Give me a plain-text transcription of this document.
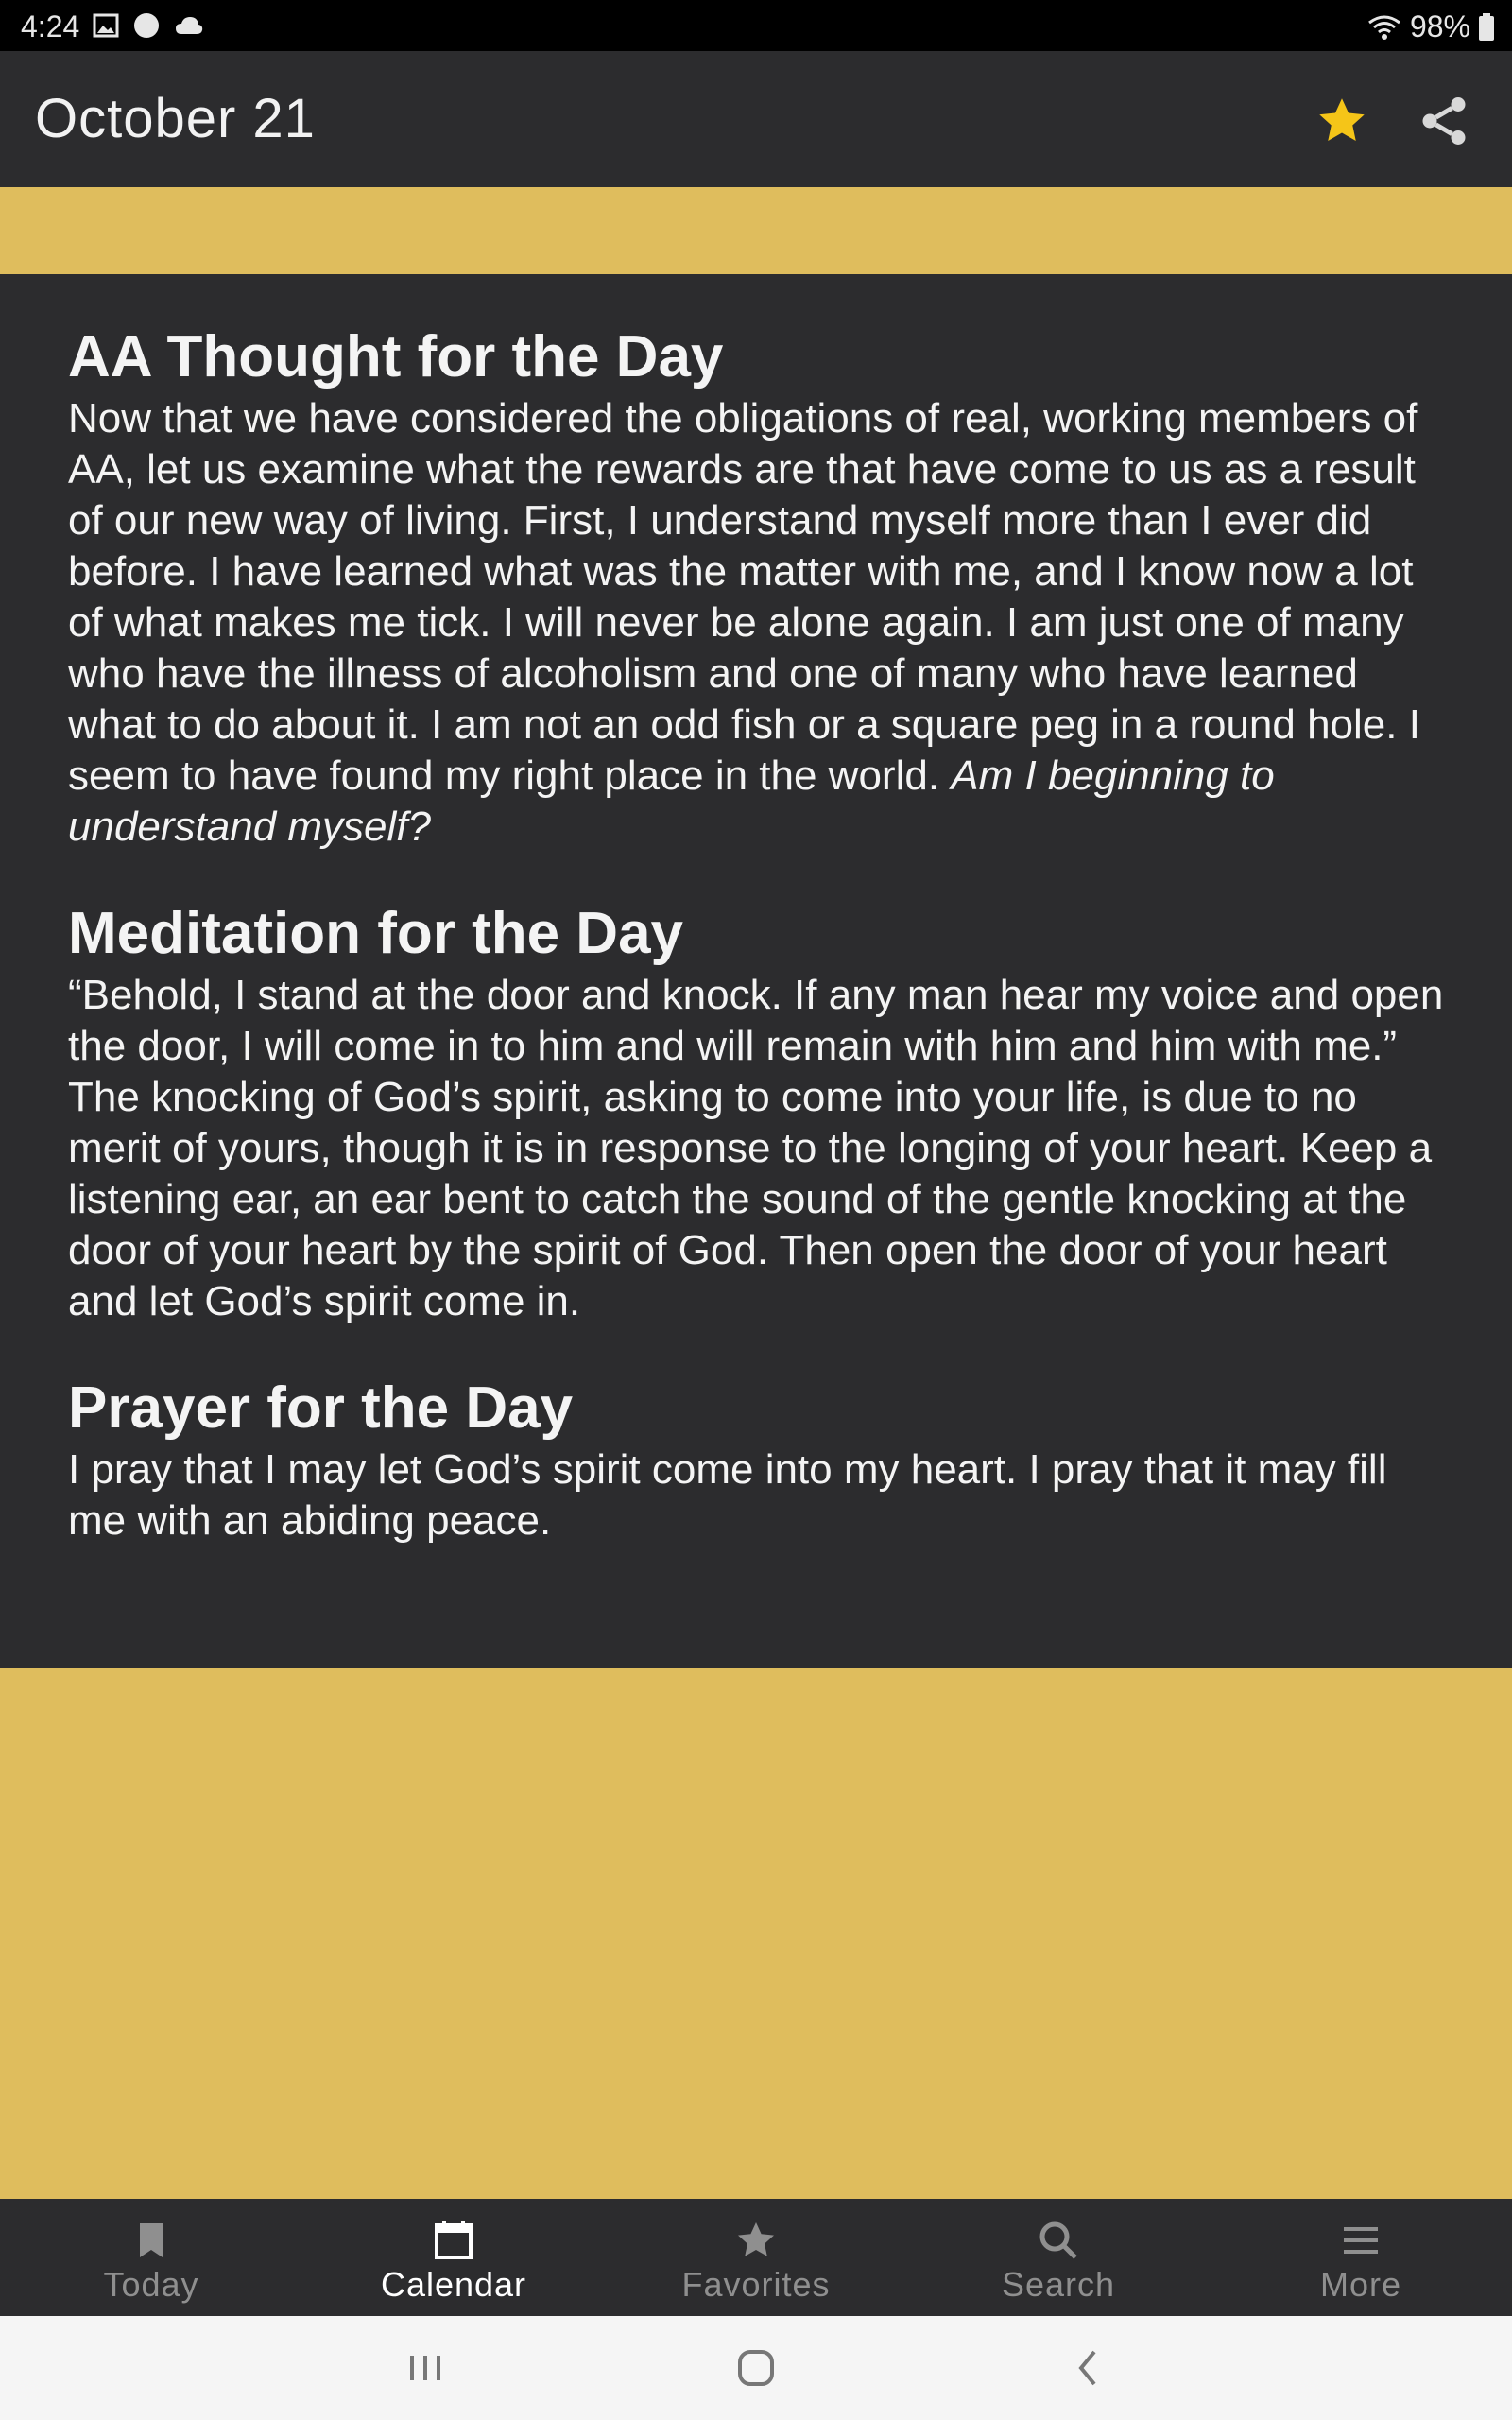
4:24	98%
October 21
AA Thought for the Day

Now that we have considered the obligations of real, working members of AA, let us examine what the rewards are that have come to us as a result of our new way of living. First, I understand myself more than I ever did before. I have learned what was the matter with me, and I know now a lot of what makes me tick. I will never be alone again. I am just one of many who have the illness of alcoholism and one of many who have learned what to do about it. I am not an odd fish or a square peg in a round hole. I seem to have found my right place in the world. Am I beginning to understand myself?

Meditation for the Day

“Behold, I stand at the door and knock. If any man hear my voice and open the door, I will come in to him and will remain with him and him with me.” The knocking of God’s spirit, asking to come into your life, is due to no merit of yours, though it is in response to the longing of your heart. Keep a listening ear, an ear bent to catch the sound of the gentle knocking at the door of your heart by the spirit of God. Then open the door of your heart and let God’s spirit come in.

Prayer for the Day

I pray that I may let God’s spirit come into my heart. I pray that it may fill me with an abiding peace.

Today	Calendar	Favorites	Search	More
